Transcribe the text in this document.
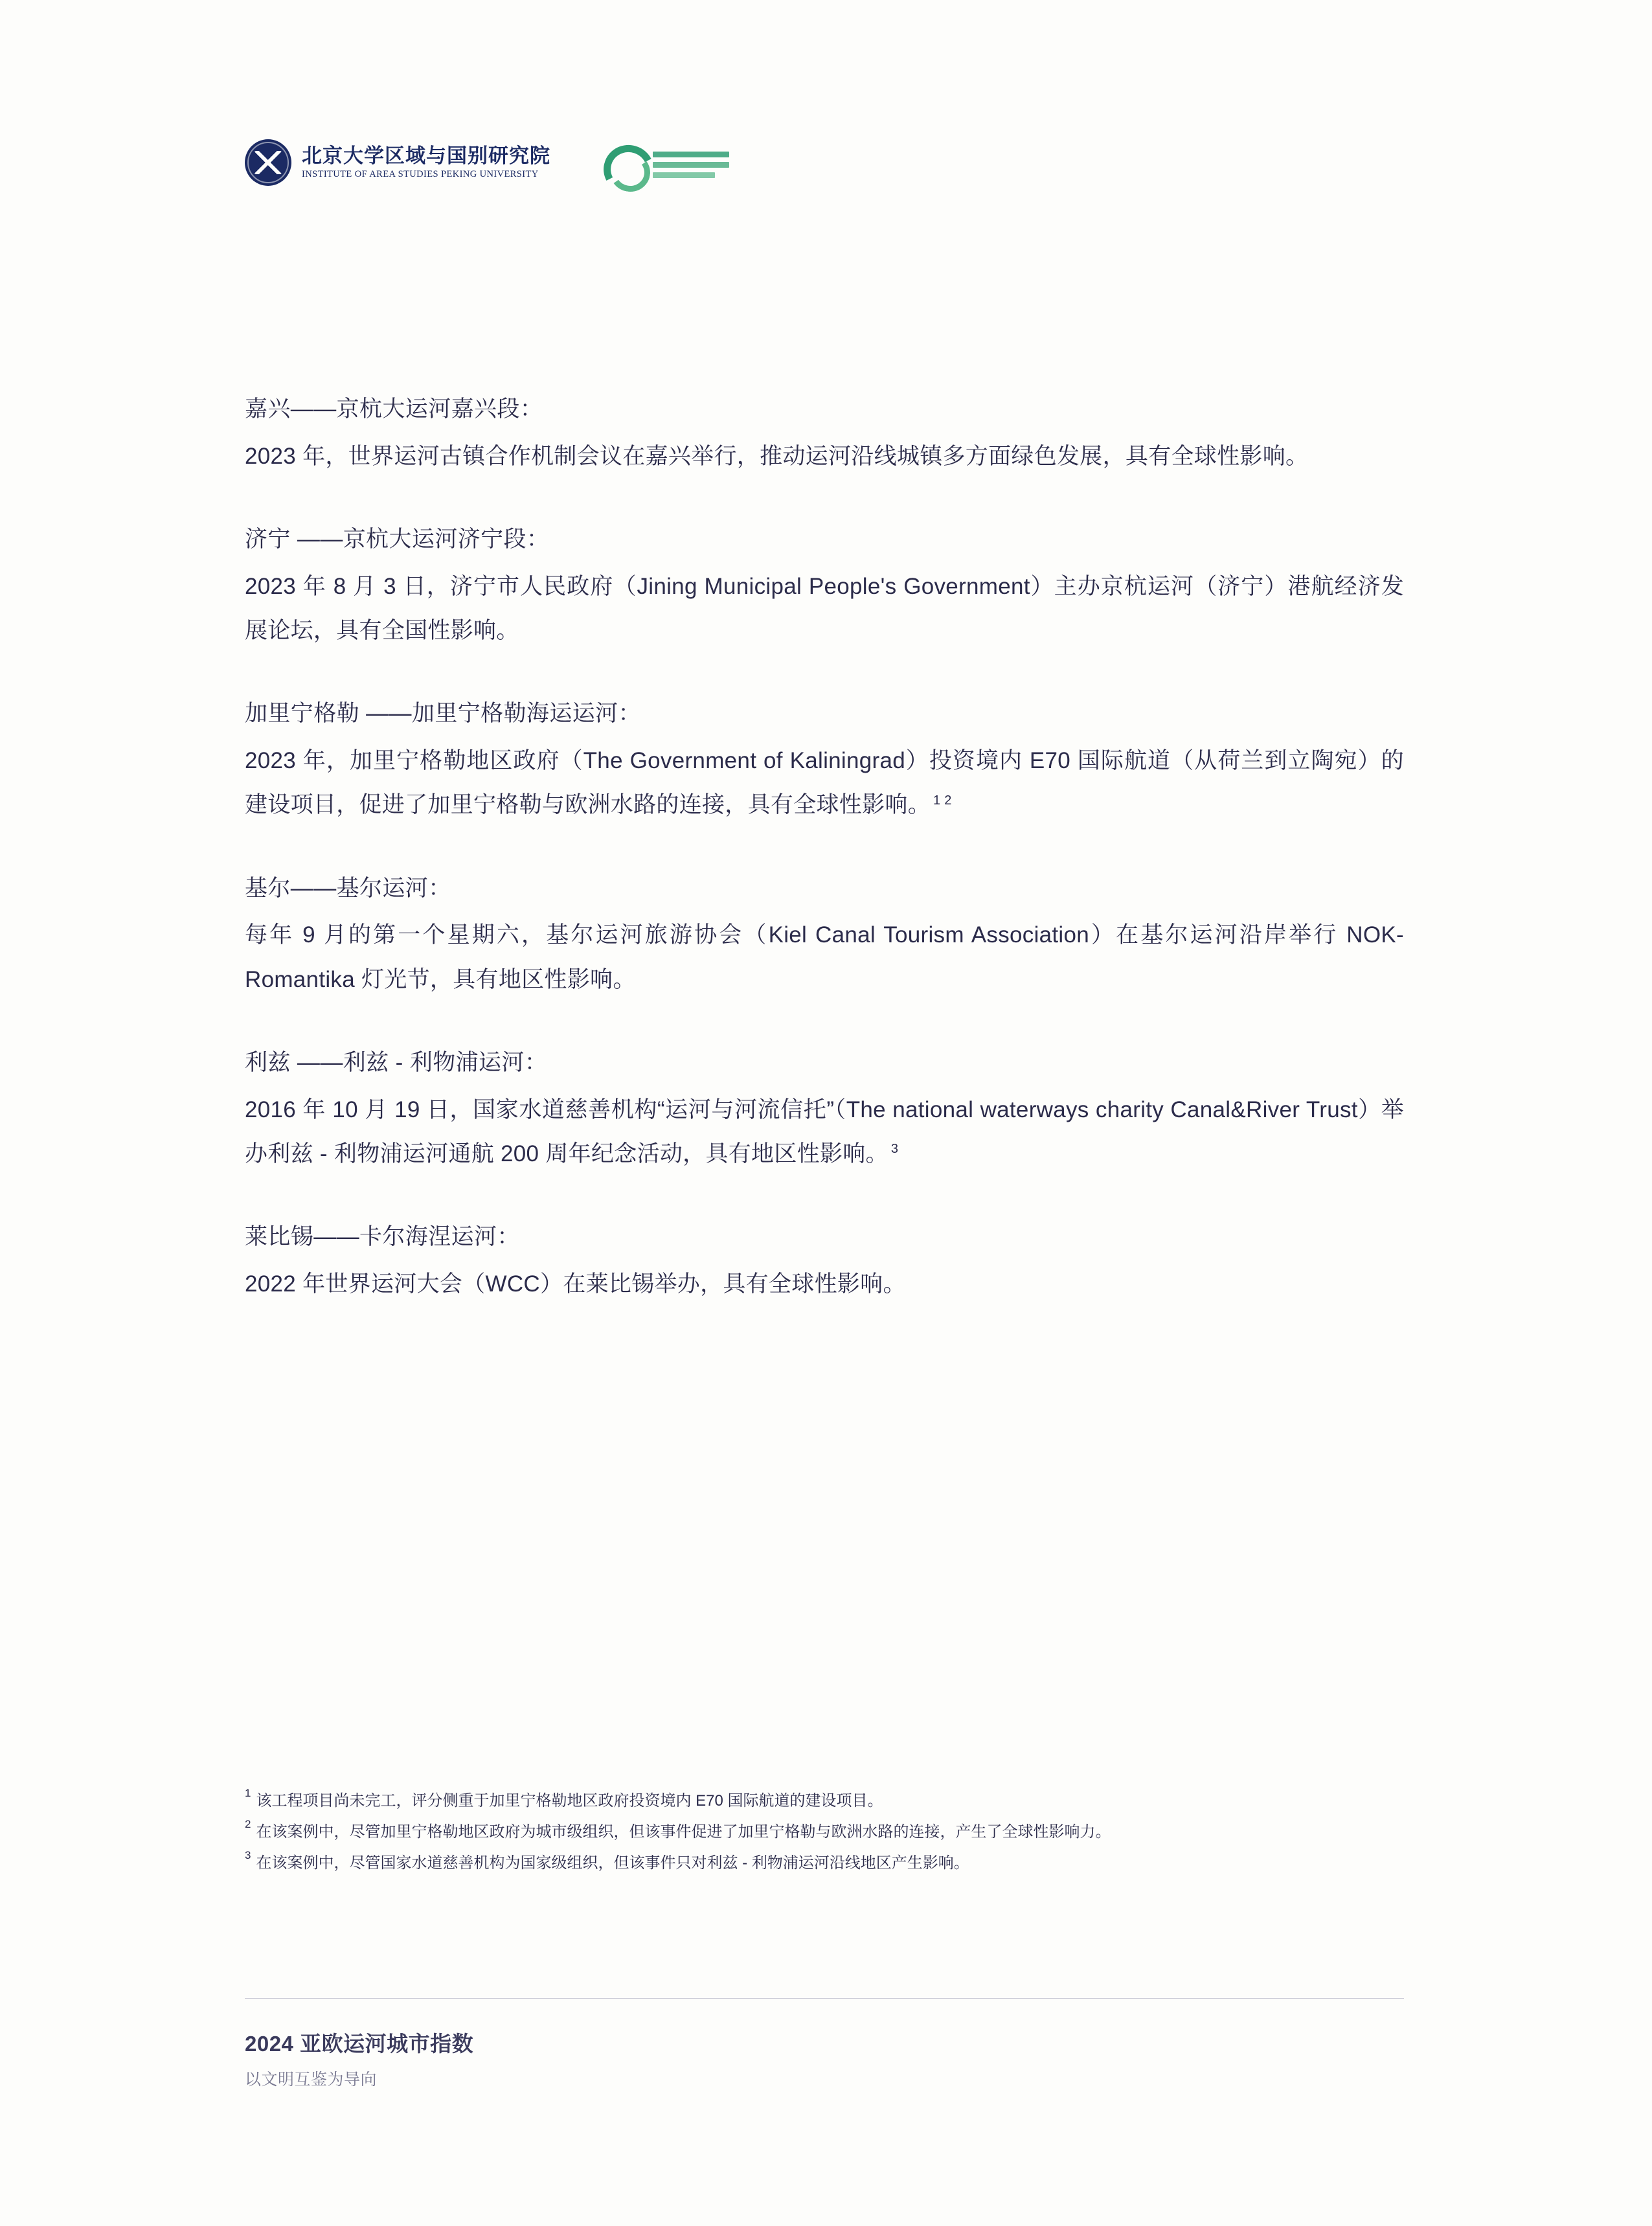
北京大学区域与国别研究院
INSTITUTE OF AREA STUDIES PEKING UNIVERSITY
嘉兴——京杭大运河嘉兴段：
2023 年，世界运河古镇合作机制会议在嘉兴举行，推动运河沿线城镇多方面绿色发展，具有全球性影响。
济宁 ——京杭大运河济宁段：
2023 年 8 月 3 日，济宁市人民政府（Jining Municipal People's Government）主办京杭运河（济宁）港航经济发展论坛，具有全国性影响。
加里宁格勒 ——加里宁格勒海运运河：
2023 年，加里宁格勒地区政府（The Government of Kaliningrad）投资境内 E70 国际航道（从荷兰到立陶宛）的建设项目，促进了加里宁格勒与欧洲水路的连接，具有全球性影响。 $^{1 2}$
基尔——基尔运河：
每年 9 月的第一个星期六，基尔运河旅游协会（Kiel Canal Tourism Association）在基尔运河沿岸举行 NOK-Romantika 灯光节，具有地区性影响。
利兹 ——利兹 - 利物浦运河：
2016 年 10 月 19 日，国家水道慈善机构“运河与河流信托”（The national waterways charity Canal&River Trust）举办利兹 - 利物浦运河通航 200 周年纪念活动，具有地区性影响。 $^3$
莱比锡——卡尔海涅运河：
2022 年世界运河大会（WCC）在莱比锡举办，具有全球性影响。
1 该工程项目尚未完工，评分侧重于加里宁格勒地区政府投资境内 E70 国际航道的建设项目。
2 在该案例中，尽管加里宁格勒地区政府为城市级组织，但该事件促进了加里宁格勒与欧洲水路的连接，产生了全球性影响力。
3 在该案例中，尽管国家水道慈善机构为国家级组织，但该事件只对利兹 - 利物浦运河沿线地区产生影响。
2024 亚欧运河城市指数
以文明互鉴为导向
